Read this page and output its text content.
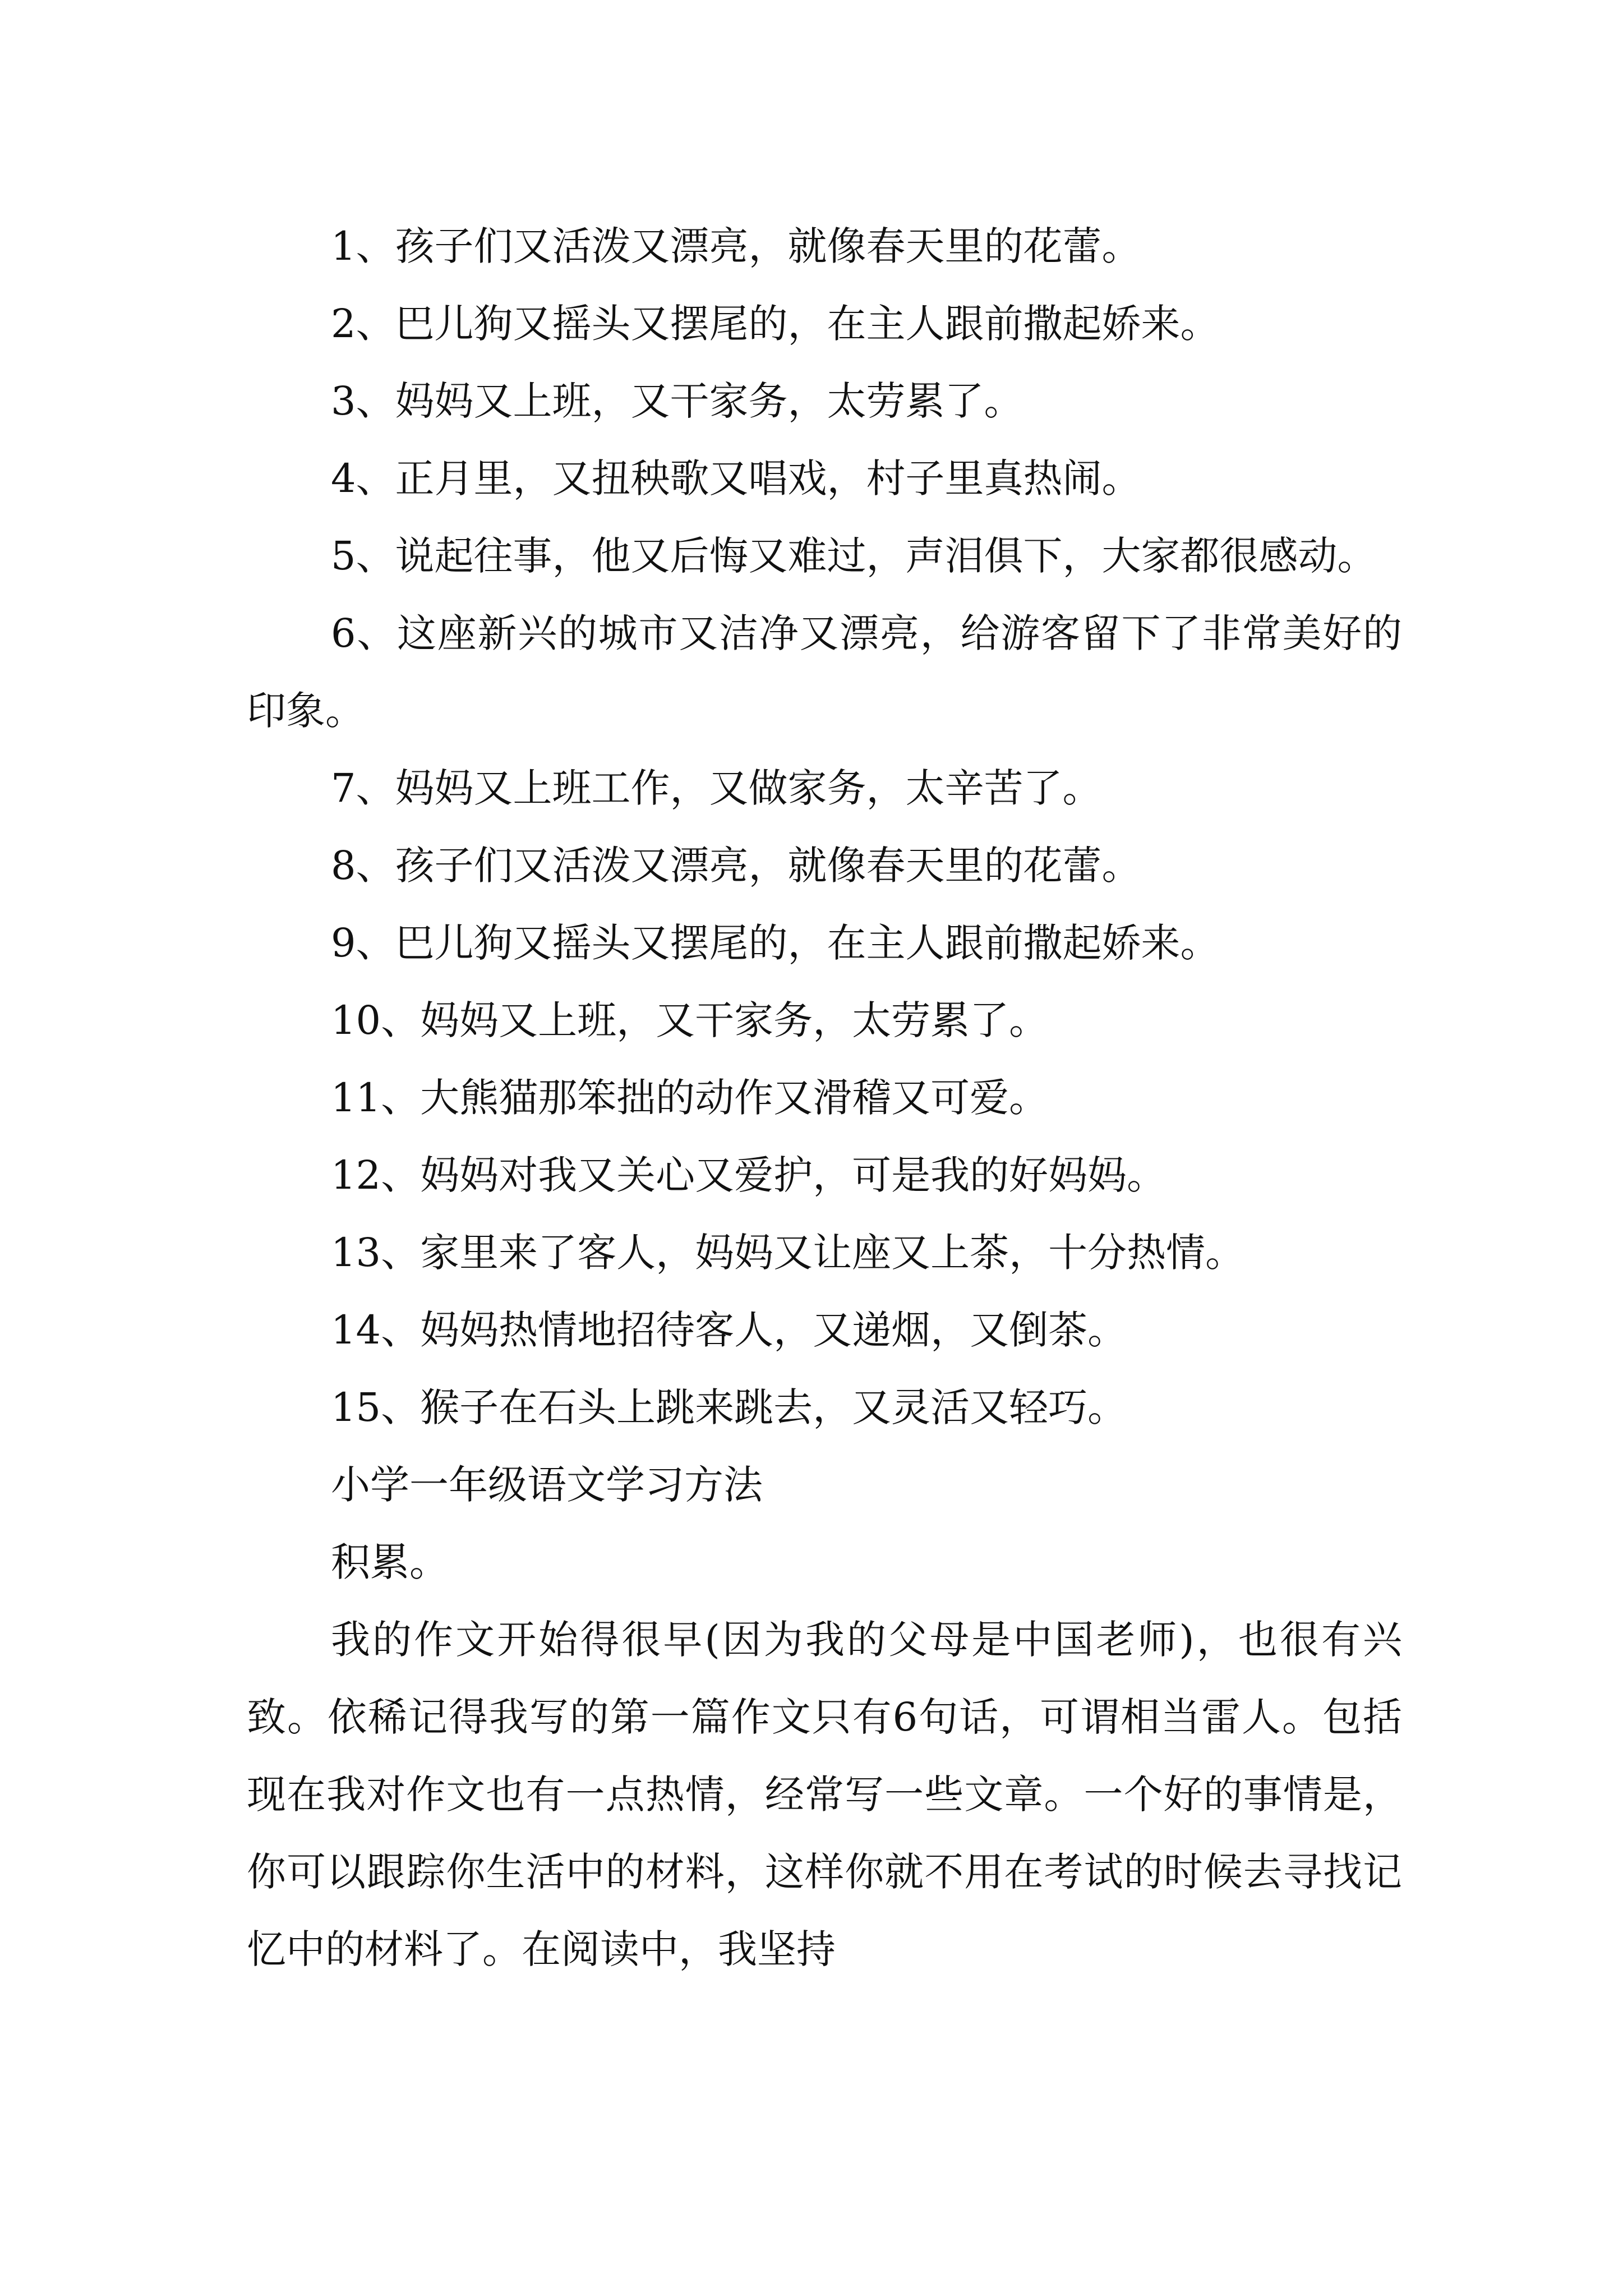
1、孩子们又活泼又漂亮，就像春天里的花蕾。

2、巴儿狗又摇头又摆尾的，在主人跟前撒起娇来。

3、妈妈又上班，又干家务，太劳累了。

4、正月里，又扭秧歌又唱戏，村子里真热闹。

5、说起往事，他又后悔又难过，声泪俱下，大家都很感动。

6、这座新兴的城市又洁净又漂亮，给游客留下了非常美好的印象。

7、妈妈又上班工作，又做家务，太辛苦了。

8、孩子们又活泼又漂亮，就像春天里的花蕾。

9、巴儿狗又摇头又摆尾的，在主人跟前撒起娇来。

10、妈妈又上班，又干家务，太劳累了。

11、大熊猫那笨拙的动作又滑稽又可爱。

12、妈妈对我又关心又爱护，可是我的好妈妈。

13、家里来了客人，妈妈又让座又上茶，十分热情。

14、妈妈热情地招待客人，又递烟，又倒茶。

15、猴子在石头上跳来跳去，又灵活又轻巧。

小学一年级语文学习方法

积累。

我的作文开始得很早(因为我的父母是中国老师)，也很有兴致。依稀记得我写的第一篇作文只有6句话，可谓相当雷人。包括现在我对作文也有一点热情，经常写一些文章。一个好的事情是，你可以跟踪你生活中的材料，这样你就不用在考试的时候去寻找记忆中的材料了。在阅读中，我坚持
